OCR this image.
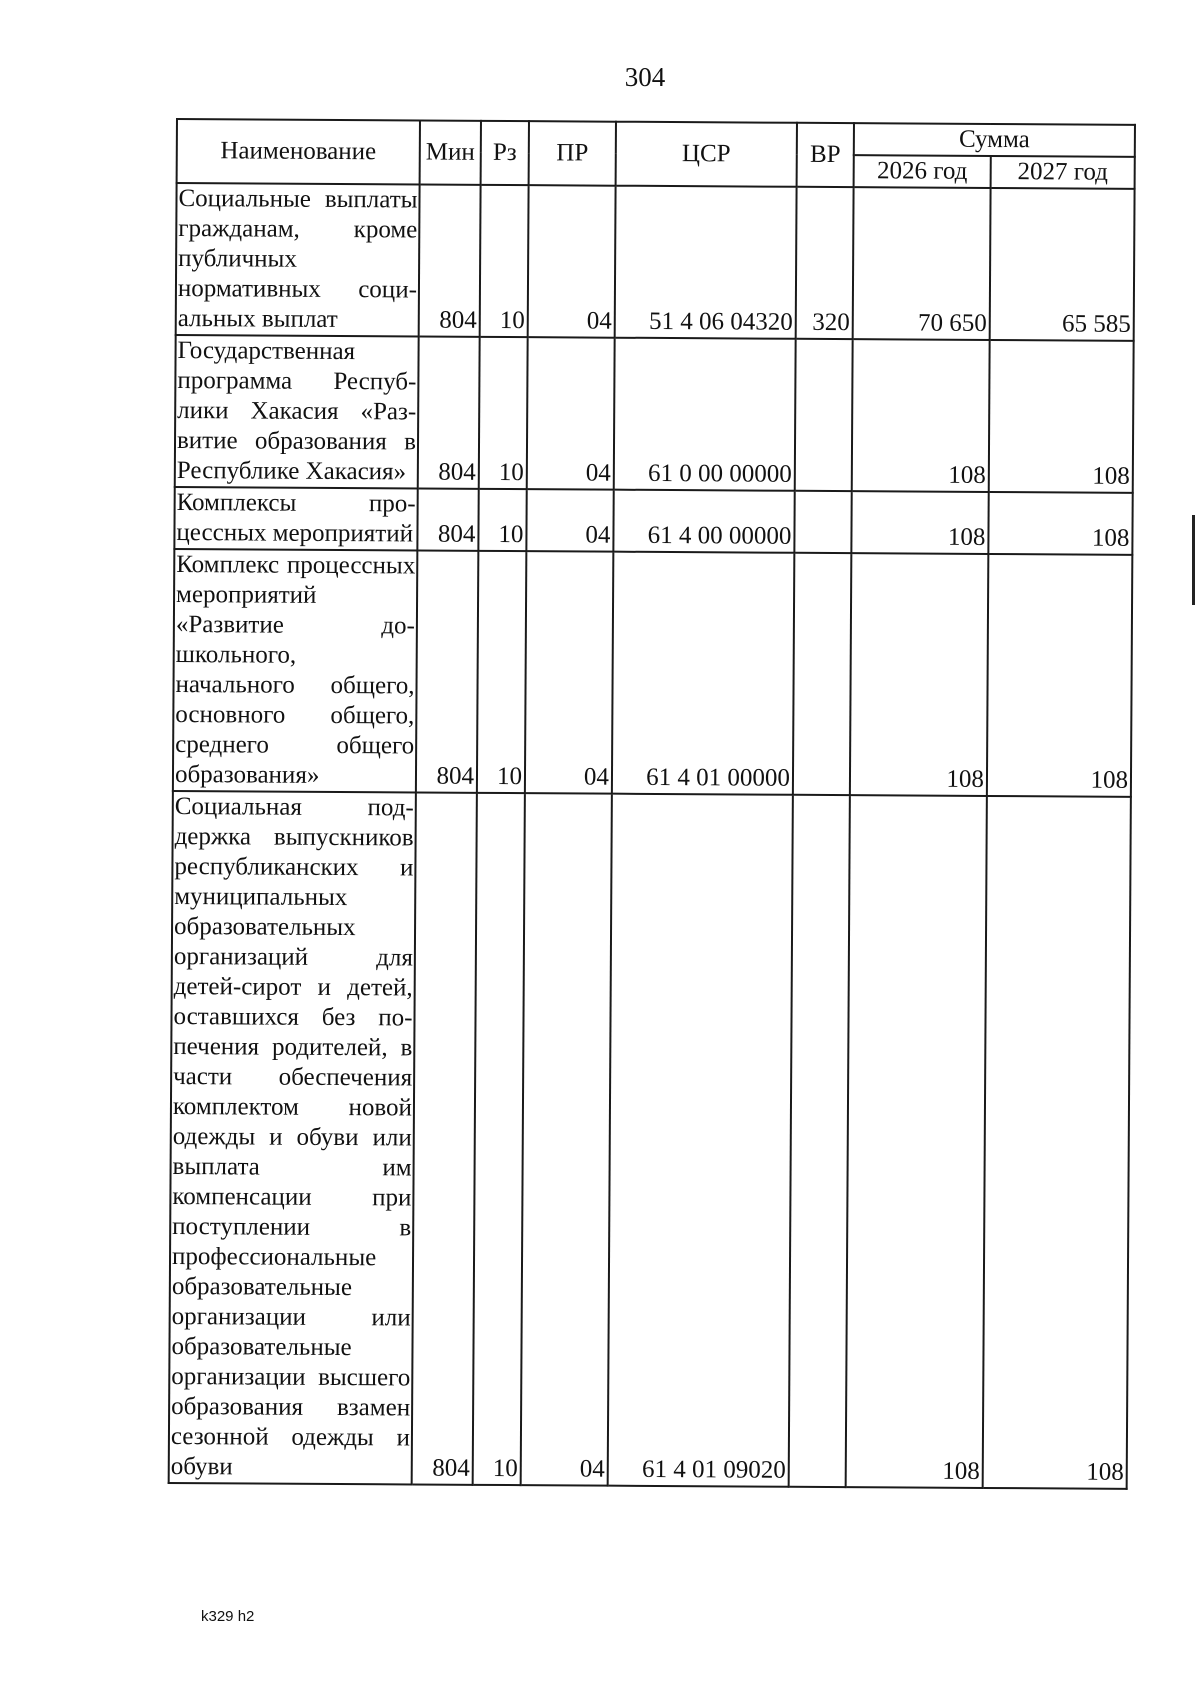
304
Наименование	Мин	Рз	ПР	ЦСР	ВР	Сумма	
						2026 год	2027 год
Социальные выплаты гражданам, кроме публичных нормативных социальных выплат	804	10	04	51 4 06 04320	320	70 650	65 585
Государственная программа Республики Хакасия «Развитие образования в Республике Хакасия»	804	10	04	61 0 00 00000		108	108
Комплексы процессных мероприятий	804	10	04	61 4 00 00000		108	108
Комплекс процессных мероприятий «Развитие дошкольного, начального общего, основного общего, среднего общего образования»	804	10	04	61 4 01 00000		108	108
Социальная поддержка выпускников республиканских и муниципальных образовательных организаций для детей-сирот и детей, оставшихся без попечения родителей, в части обеспечения комплектом новой одежды и обуви или выплата им компенсации при поступлении в профессиональные образовательные организации или образовательные организации высшего образования взамен сезонной одежды и обуви	804	10	04	61 4 01 09020		108	108
k329 h2
